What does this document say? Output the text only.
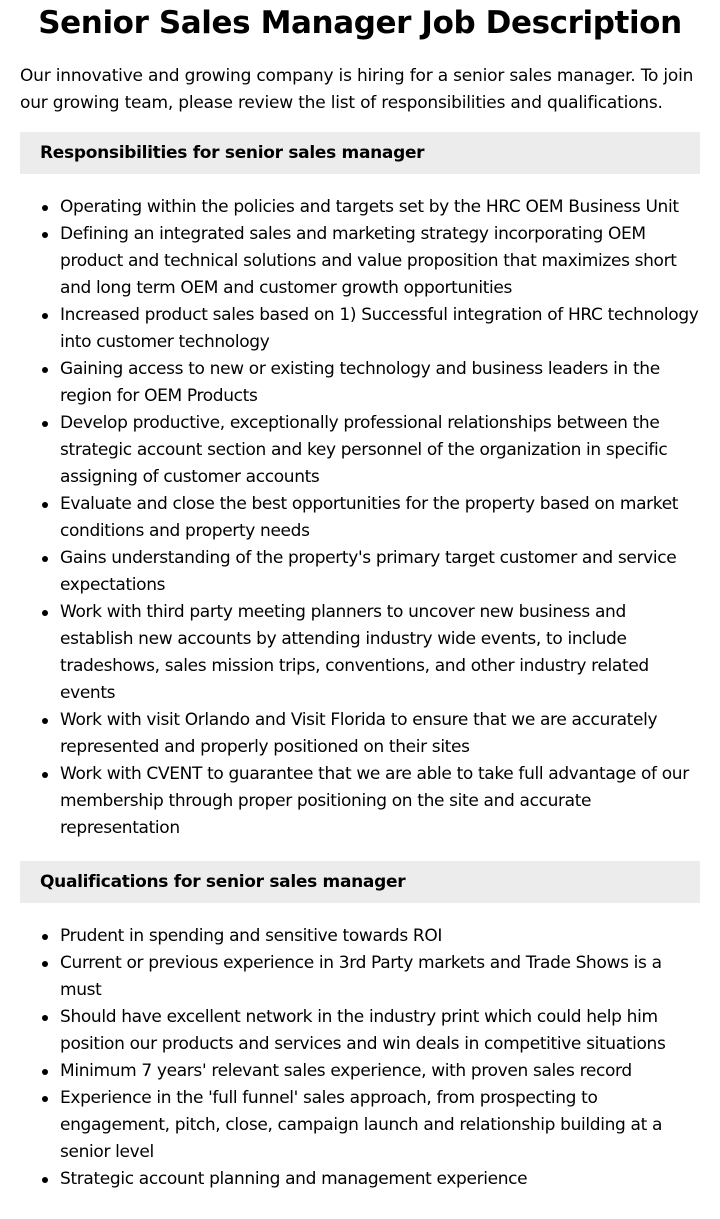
Senior Sales Manager Job Description

Our innovative and growing company is hiring for a senior sales manager. To join our growing team, please review the list of responsibilities and qualifications.

Responsibilities for senior sales manager
Operating within the policies and targets set by the HRC OEM Business Unit
Defining an integrated sales and marketing strategy incorporating OEM product and technical solutions and value proposition that maximizes short and long term OEM and customer growth opportunities
Increased product sales based on 1) Successful integration of HRC technology into customer technology
Gaining access to new or existing technology and business leaders in the region for OEM Products
Develop productive, exceptionally professional relationships between the strategic account section and key personnel of the organization in specific assigning of customer accounts
Evaluate and close the best opportunities for the property based on market conditions and property needs
Gains understanding of the property's primary target customer and service expectations
Work with third party meeting planners to uncover new business and establish new accounts by attending industry wide events, to include tradeshows, sales mission trips, conventions, and other industry related events
Work with visit Orlando and Visit Florida to ensure that we are accurately represented and properly positioned on their sites
Work with CVENT to guarantee that we are able to take full advantage of our membership through proper positioning on the site and accurate representation
Qualifications for senior sales manager
Prudent in spending and sensitive towards ROI
Current or previous experience in 3rd Party markets and Trade Shows is a must
Should have excellent network in the industry print which could help him position our products and services and win deals in competitive situations
Minimum 7 years' relevant sales experience, with proven sales record
Experience in the 'full funnel' sales approach, from prospecting to engagement, pitch, close, campaign launch and relationship building at a senior level
Strategic account planning and management experience
